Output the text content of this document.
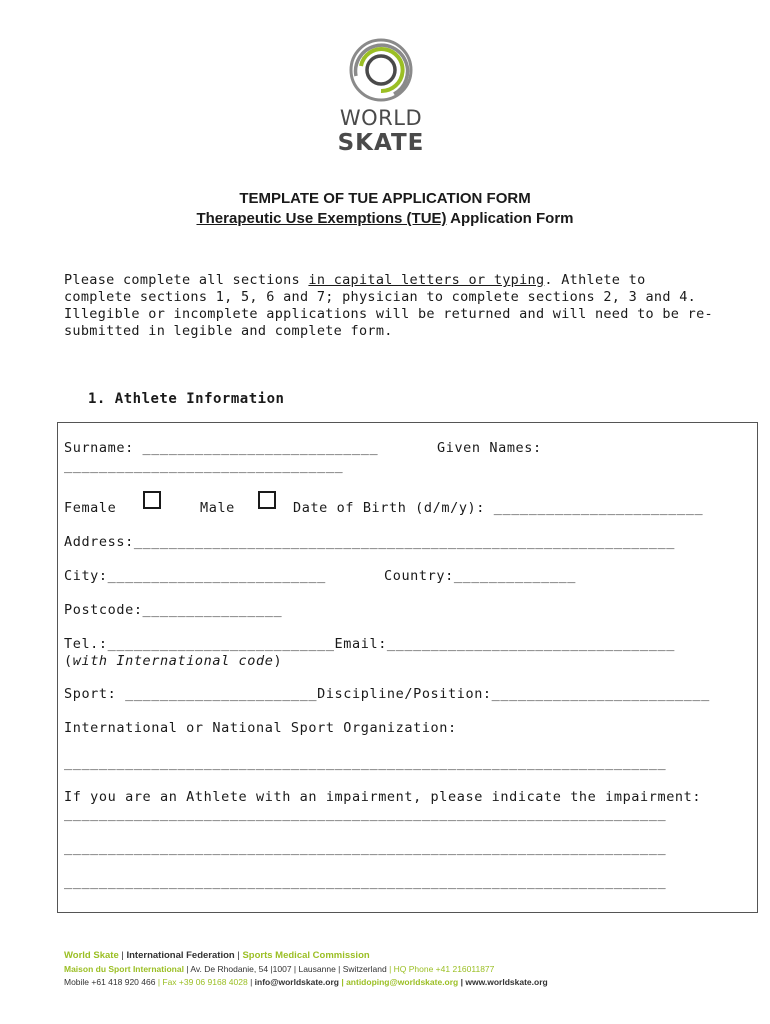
WORLD
SKATE
TEMPLATE OF TUE APPLICATION FORM
Therapeutic Use Exemptions (TUE) Application Form
Please complete all sections in capital letters or typing. Athlete to complete sections 1, 5, 6 and 7; physician to complete sections 2, 3 and 4. Illegible or incomplete applications will be returned and will need to be re-submitted in legible and complete form.
1. Athlete Information
Surname: ___________________________	Given Names:
________________________________
Female	Male	Date of Birth (d/m/y): ________________________
Address:______________________________________________________________
City:_________________________	Country:______________
Postcode:________________
Tel.:__________________________Email:_________________________________
(with International code)
Sport: ______________________Discipline/Position:_________________________
International or National Sport Organization:
_____________________________________________________________________
If you are an Athlete with an impairment, please indicate the impairment:
_____________________________________________________________________
_____________________________________________________________________
_____________________________________________________________________
World Skate | International Federation | Sports Medical Commission
Maison du Sport International | Av. De Rhodanie, 54 |1007 | Lausanne | Switzerland | HQ Phone +41 216011877
Mobile +61 418 920 466 | Fax +39 06 9168 4028 | info@worldskate.org | antidoping@worldskate.org | www.worldskate.org
